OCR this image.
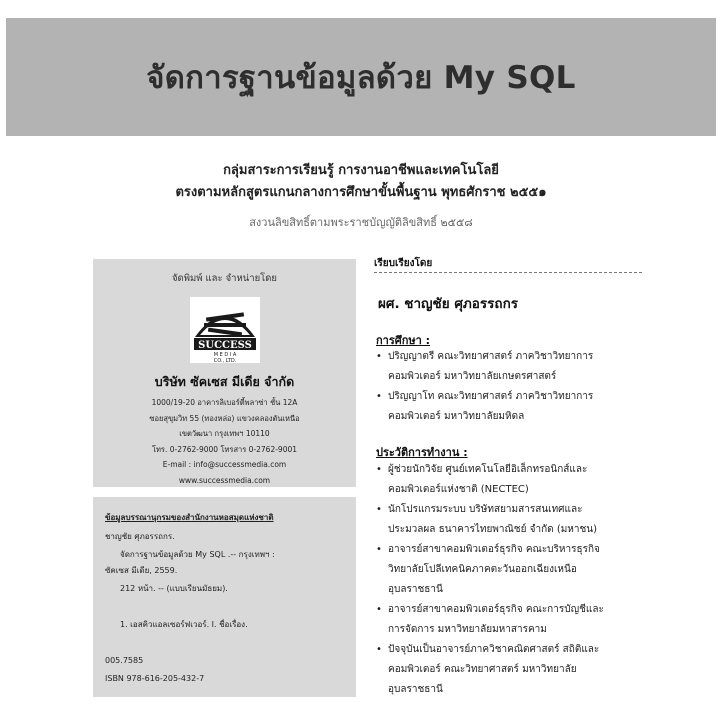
จัดการฐานข้อมูลด้วย My SQL
กลุ่มสาระการเรียนรู้ การงานอาชีพและเทคโนโลยี
ตรงตามหลักสูตรแกนกลางการศึกษาขั้นพื้นฐาน พุทธศักราช ๒๕๕๑
สงวนลิขสิทธิ์ตามพระราชบัญญัติลิขสิทธิ์ ๒๕๕๘
จัดพิมพ์ และ จำหน่ายโดย
SUCCESS
M E D I A
CO., LTD.
บริษัท ซัคเซส มีเดีย จำกัด
1000/19-20 อาคารลิเบอร์ตี้พลาซ่า ชั้น 12A
ซอยสุขุมวิท 55 (ทองหล่อ) แขวงคลองตันเหนือ
เขตวัฒนา กรุงเทพฯ 10110
โทร. 0-2762-9000 โทรสาร 0-2762-9001
E-mail : info@successmedia.com
www.successmedia.com
ข้อมูลบรรณานุกรมของสำนักงานหอสมุดแห่งชาติ
ชาญชัย ศุภอรรถกร.
จัดการฐานข้อมูลด้วย My SQL .-- กรุงเทพฯ :
ซัคเซส มีเดีย, 2559.
212 หน้า. -- (แบบเรียนมัธยม).
1. เอสคิวแอลเซอร์ฟเวอร์. I. ชื่อเรื่อง.
005.7585
ISBN 978-616-205-432-7
เรียบเรียงโดย
ผศ. ชาญชัย ศุภอรรถกร
การศึกษา :
• ปริญญาตรี คณะวิทยาศาสตร์ ภาควิชาวิทยาการ
คอมพิวเตอร์ มหาวิทยาลัยเกษตรศาสตร์
• ปริญญาโท คณะวิทยาศาสตร์ ภาควิชาวิทยาการ
คอมพิวเตอร์ มหาวิทยาลัยมหิดล
ประวัติการทำงาน :
• ผู้ช่วยนักวิจัย ศูนย์เทคโนโลยีอิเล็กทรอนิกส์และ
คอมพิวเตอร์แห่งชาติ (NECTEC)
• นักโปรแกรมระบบ บริษัทสยามสารสนเทศและ
ประมวลผล ธนาคารไทยพาณิชย์ จำกัด (มหาชน)
• อาจารย์สาขาคอมพิวเตอร์ธุรกิจ คณะบริหารธุรกิจ
วิทยาลัยโปลีเทคนิคภาคตะวันออกเฉียงเหนือ
อุบลราชธานี
• อาจารย์สาขาคอมพิวเตอร์ธุรกิจ คณะการบัญชีและ
การจัดการ มหาวิทยาลัยมหาสารคาม
• ปัจจุบันเป็นอาจารย์ภาควิชาคณิตศาสตร์ สถิติและ
คอมพิวเตอร์ คณะวิทยาศาสตร์ มหาวิทยาลัย
อุบลราชธานี
